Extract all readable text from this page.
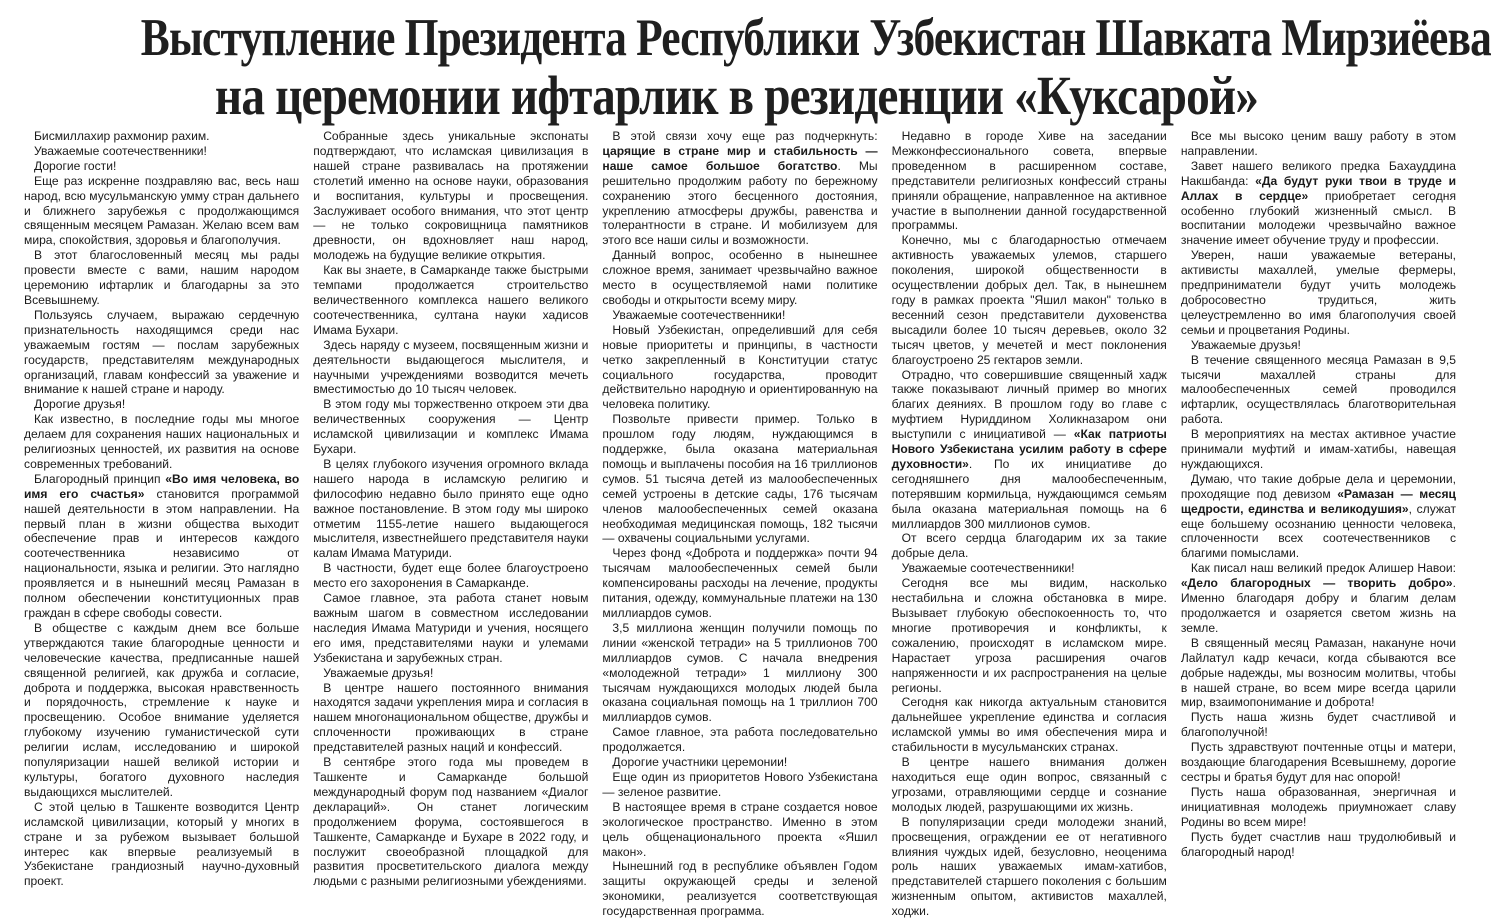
Выступление Президента Республики Узбекистан Шавката Мирзиёева
на церемонии ифтарлик в резиденции «Куксарой»

Бисмиллахир рахмонир рахим.

Уважаемые соотечественники!

Дорогие гости!

Еще раз искренне поздравляю вас, весь наш народ, всю мусульманскую умму стран дальнего и ближнего зарубежья с продолжающимся священным месяцем Рамазан. Желаю всем вам мира, спокойствия, здоровья и благополучия.

В этот благословенный месяц мы рады провести вместе с вами, нашим народом церемонию ифтарлик и благодарны за это Всевышнему.

Пользуясь случаем, выражаю сердечную признательность находящимся среди нас уважаемым гостям — послам зарубежных государств, представителям международных организаций, главам конфессий за уважение и внимание к нашей стране и народу.

Дорогие друзья!

Как известно, в последние годы мы многое делаем для сохранения наших национальных и религиозных ценностей, их развития на основе современных требований.

Благородный принцип «Во имя человека, во имя его счастья» становится программой нашей деятельности в этом направлении. На первый план в жизни общества выходит обеспечение прав и интересов каждого соотечественника независимо от национальности, языка и религии. Это наглядно проявляется и в нынешний месяц Рамазан в полном обеспечении конституционных прав граждан в сфере свободы совести.

В обществе с каждым днем все больше утверждаются такие благородные ценности и человеческие качества, предписанные нашей священной религией, как дружба и согласие, доброта и поддержка, высокая нравственность и порядочность, стремление к науке и просвещению. Особое внимание уделяется глубокому изучению гуманистической сути религии ислам, исследованию и широкой популяризации нашей великой истории и культуры, богатого духовного наследия выдающихся мыслителей.

С этой целью в Ташкенте возводится Центр исламской цивилизации, который у многих в стране и за рубежом вызывает большой интерес как впервые реализуемый в Узбекистане грандиозный научно-духовный проект.

Собранные здесь уникальные экспонаты подтверждают, что исламская цивилизация в нашей стране развивалась на протяжении столетий именно на основе науки, образования и воспитания, культуры и просвещения. Заслуживает особого внимания, что этот центр — не только сокровищница памятников древности, он вдохновляет наш народ, молодежь на будущие великие открытия.

Как вы знаете, в Самарканде также быстрыми темпами продолжается строительство величественного комплекса нашего великого соотечественника, султана науки хадисов Имама Бухари.

Здесь наряду с музеем, посвященным жизни и деятельности выдающегося мыслителя, и научными учреждениями возводится мечеть вместимостью до 10 тысяч человек.

В этом году мы торжественно откроем эти два величественных сооружения — Центр исламской цивилизации и комплекс Имама Бухари.

В целях глубокого изучения огромного вклада нашего народа в исламскую религию и философию недавно было принято еще одно важное постановление. В этом году мы широко отметим 1155-летие нашего выдающегося мыслителя, известнейшего представителя науки калам Имама Матуриди.

В частности, будет еще более благоустроено место его захоронения в Самарканде.

Самое главное, эта работа станет новым важным шагом в совместном исследовании наследия Имама Матуриди и учения, носящего его имя, представителями науки и улемами Узбекистана и зарубежных стран.

Уважаемые друзья!

В центре нашего постоянного внимания находятся задачи укрепления мира и согласия в нашем многонациональном обществе, дружбы и сплоченности проживающих в стране представителей разных наций и конфессий.

В сентябре этого года мы проведем в Ташкенте и Самарканде большой международный форум под названием «Диалог деклараций». Он станет логическим продолжением форума, состоявшегося в Ташкенте, Самарканде и Бухаре в 2022 году, и послужит своеобразной площадкой для развития просветительского диалога между людьми с разными религиозными убеждениями.

В этой связи хочу еще раз подчеркнуть: царящие в стране мир и стабильность — наше самое большое богатство. Мы решительно продолжим работу по бережному сохранению этого бесценного достояния, укреплению атмосферы дружбы, равенства и толерантности в стране. И мобилизуем для этого все наши силы и возможности.

Данный вопрос, особенно в нынешнее сложное время, занимает чрезвычайно важное место в осуществляемой нами политике свободы и открытости всему миру.

Уважаемые соотечественники!

Новый Узбекистан, определивший для себя новые приоритеты и принципы, в частности четко закрепленный в Конституции статус социального государства, проводит действительно народную и ориентированную на человека политику.

Позвольте привести пример. Только в прошлом году людям, нуждающимся в поддержке, была оказана материальная помощь и выплачены пособия на 16 триллионов сумов. 51 тысяча детей из малообеспеченных семей устроены в детские сады, 176 тысячам членов малообеспеченных семей оказана необходимая медицинская помощь, 182 тысячи — охвачены социальными услугами.

Через фонд «Доброта и поддержка» почти 94 тысячам малообеспеченных семей были компенсированы расходы на лечение, продукты питания, одежду, коммунальные платежи на 130 миллиардов сумов.

3,5 миллиона женщин получили помощь по линии «женской тетради» на 5 триллионов 700 миллиардов сумов. С начала внедрения «молодежной тетради» 1 миллиону 300 тысячам нуждающихся молодых людей была оказана социальная помощь на 1 триллион 700 миллиардов сумов.

Самое главное, эта работа последовательно продолжается.

Дорогие участники церемонии!

Еще один из приоритетов Нового Узбекистана — зеленое развитие.

В настоящее время в стране создается новое экологическое пространство. Именно в этом цель общенационального проекта «Яшил макон».

Нынешний год в республике объявлен Годом защиты окружающей среды и зеленой экономики, реализуется соответствующая государственная программа.

Недавно в городе Хиве на заседании Межконфессионального совета, впервые проведенном в расширенном составе, представители религиозных конфессий страны приняли обращение, направленное на активное участие в выполнении данной государственной программы.

Конечно, мы с благодарностью отмечаем активность уважаемых улемов, старшего поколения, широкой общественности в осуществлении добрых дел. Так, в нынешнем году в рамках проекта "Яшил макон" только в весенний сезон представители духовенства высадили более 10 тысяч деревьев, около 32 тысяч цветов, у мечетей и мест поклонения благоустроено 25 гектаров земли.

Отрадно, что совершившие священный хадж также показывают личный пример во многих благих деяниях. В прошлом году во главе с муфтием Нуриддином Холикназаром они выступили с инициативой — «Как патриоты Нового Узбекистана усилим работу в сфере духовности». По их инициативе до сегодняшнего дня малообеспеченным, потерявшим кормильца, нуждающимся семьям была оказана материальная помощь на 6 миллиардов 300 миллионов сумов.

От всего сердца благодарим их за такие добрые дела.

Уважаемые соотечественники!

Сегодня все мы видим, насколько нестабильна и сложна обстановка в мире. Вызывает глубокую обеспокоенность то, что многие противоречия и конфликты, к сожалению, происходят в исламском мире. Нарастает угроза расширения очагов напряженности и их распространения на целые регионы.

Сегодня как никогда актуальным становится дальнейшее укрепление единства и согласия исламской уммы во имя обеспечения мира и стабильности в мусульманских странах.

В центре нашего внимания должен находиться еще один вопрос, связанный с угрозами, отравляющими сердце и сознание молодых людей, разрушающими их жизнь.

В популяризации среди молодежи знаний, просвещения, ограждении ее от негативного влияния чуждых идей, безусловно, неоценима роль наших уважаемых имам-хатибов, представителей старшего поколения с большим жизненным опытом, активистов махаллей, ходжи.

Все мы высоко ценим вашу работу в этом направлении.

Завет нашего великого предка Бахауддина Накшбанда: «Да будут руки твои в труде и Аллах в сердце» приобретает сегодня особенно глубокий жизненный смысл. В воспитании молодежи чрезвычайно важное значение имеет обучение труду и профессии.

Уверен, наши уважаемые ветераны, активисты махаллей, умелые фермеры, предприниматели будут учить молодежь добросовестно трудиться, жить целеустремленно во имя благополучия своей семьи и процветания Родины.

Уважаемые друзья!

В течение священного месяца Рамазан в 9,5 тысячи махаллей страны для малообеспеченных семей проводился ифтарлик, осуществлялась благотворительная работа.

В мероприятиях на местах активное участие принимали муфтий и имам-хатибы, навещая нуждающихся.

Думаю, что такие добрые дела и церемонии, проходящие под девизом «Рамазан — месяц щедрости, единства и великодушия», служат еще большему осознанию ценности человека, сплоченности всех соотечественников с благими помыслами.

Как писал наш великий предок Алишер Навои: «Дело благородных — творить добро». Именно благодаря добру и благим делам продолжается и озаряется светом жизнь на земле.

В священный месяц Рамазан, накануне ночи Лайлатул кадр кечаси, когда сбываются все добрые надежды, мы возносим молитвы, чтобы в нашей стране, во всем мире всегда царили мир, взаимопонимание и доброта!

Пусть наша жизнь будет счастливой и благополучной!

Пусть здравствуют почтенные отцы и матери, воздающие благодарения Всевышнему, дорогие сестры и братья будут для нас опорой!

Пусть наша образованная, энергичная и инициативная молодежь приумножает славу Родины во всем мире!

Пусть будет счастлив наш трудолюбивый и благородный народ!
